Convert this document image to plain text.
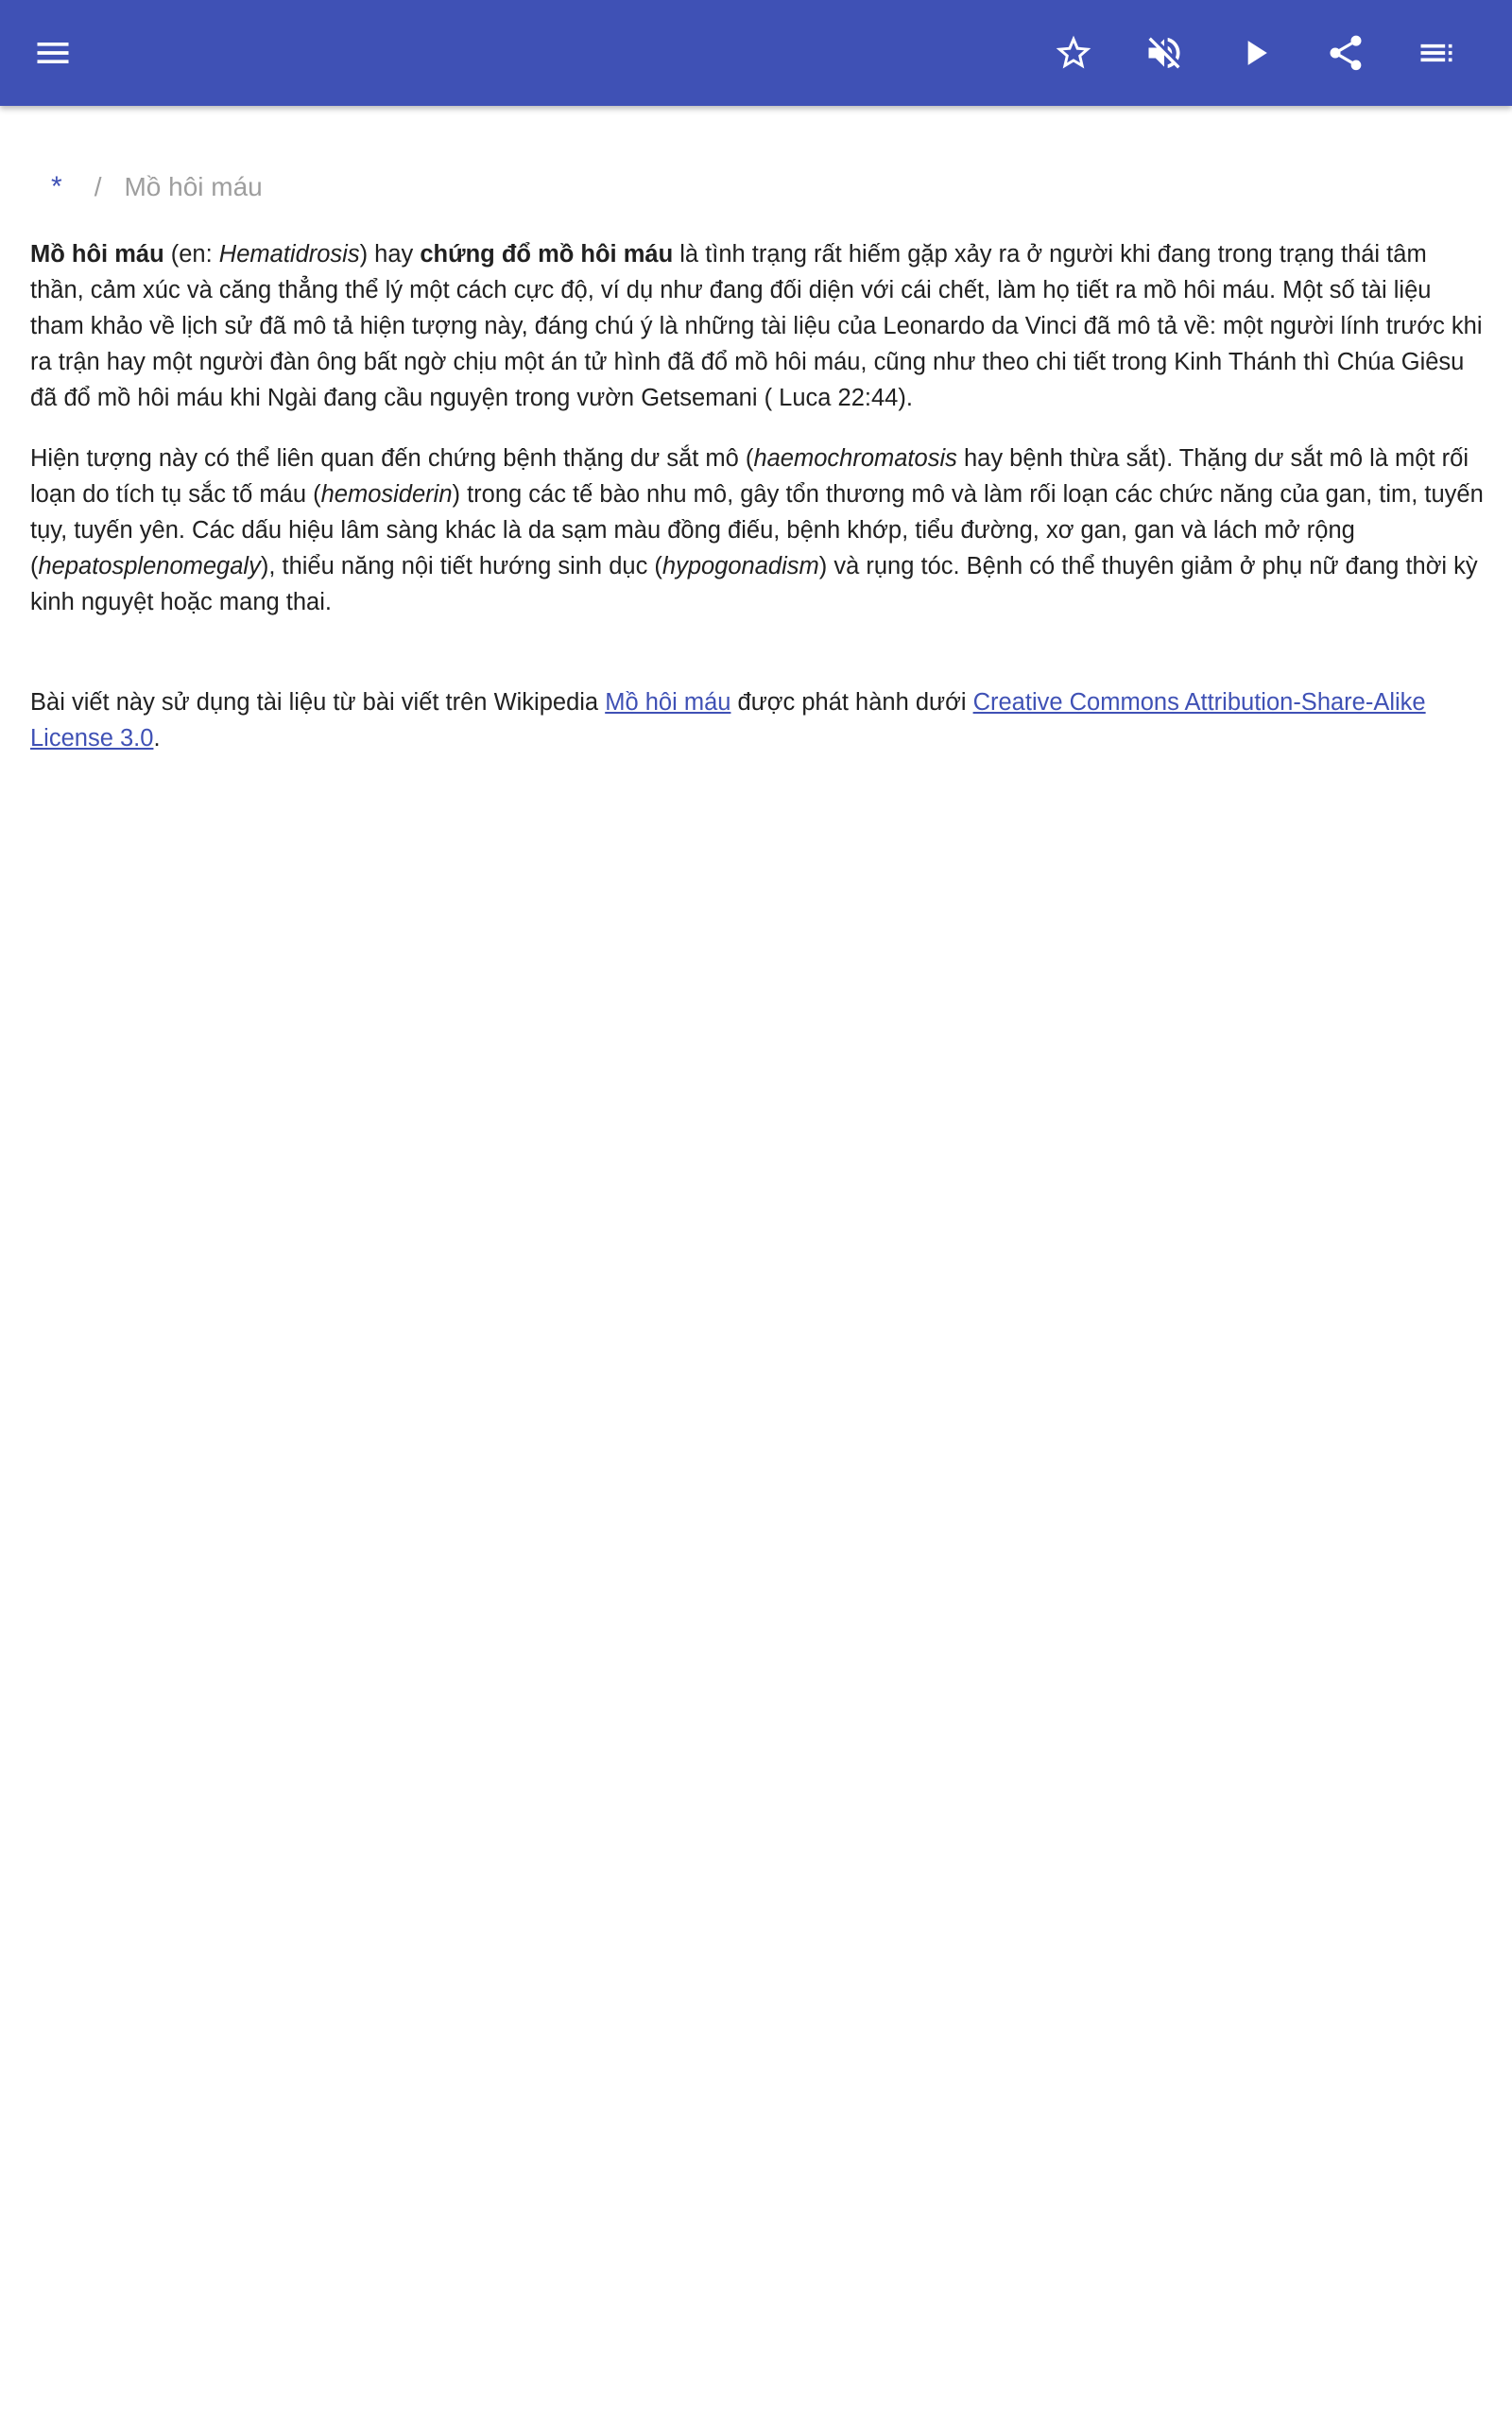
* / Mồ hôi máu

Mồ hôi máu (en: Hematidrosis) hay chứng đổ mồ hôi máu là tình trạng rất hiếm gặp xảy ra ở người khi đang trong trạng thái tâm thần, cảm xúc và căng thẳng thể lý một cách cực độ, ví dụ như đang đối diện với cái chết, làm họ tiết ra mồ hôi máu. Một số tài liệu tham khảo về lịch sử đã mô tả hiện tượng này, đáng chú ý là những tài liệu của Leonardo da Vinci đã mô tả về: một người lính trước khi ra trận hay một người đàn ông bất ngờ chịu một án tử hình đã đổ mồ hôi máu, cũng như theo chi tiết trong Kinh Thánh thì Chúa Giêsu đã đổ mồ hôi máu khi Ngài đang cầu nguyện trong vườn Getsemani ( Luca 22:44).

Hiện tượng này có thể liên quan đến chứng bệnh thặng dư sắt mô (haemochromatosis hay bệnh thừa sắt). Thặng dư sắt mô là một rối loạn do tích tụ sắc tố máu (hemosiderin) trong các tế bào nhu mô, gây tổn thương mô và làm rối loạn các chức năng của gan, tim, tuyến tụy, tuyến yên. Các dấu hiệu lâm sàng khác là da sạm màu đồng điếu, bệnh khớp, tiểu đường, xơ gan, gan và lách mở rộng (hepatosplenomegaly), thiểu năng nội tiết hướng sinh dục (hypogonadism) và rụng tóc. Bệnh có thể thuyên giảm ở phụ nữ đang thời kỳ kinh nguyệt hoặc mang thai.

Bài viết này sử dụng tài liệu từ bài viết trên Wikipedia Mồ hôi máu được phát hành dưới Creative Commons Attribution-Share-Alike License 3.0.
